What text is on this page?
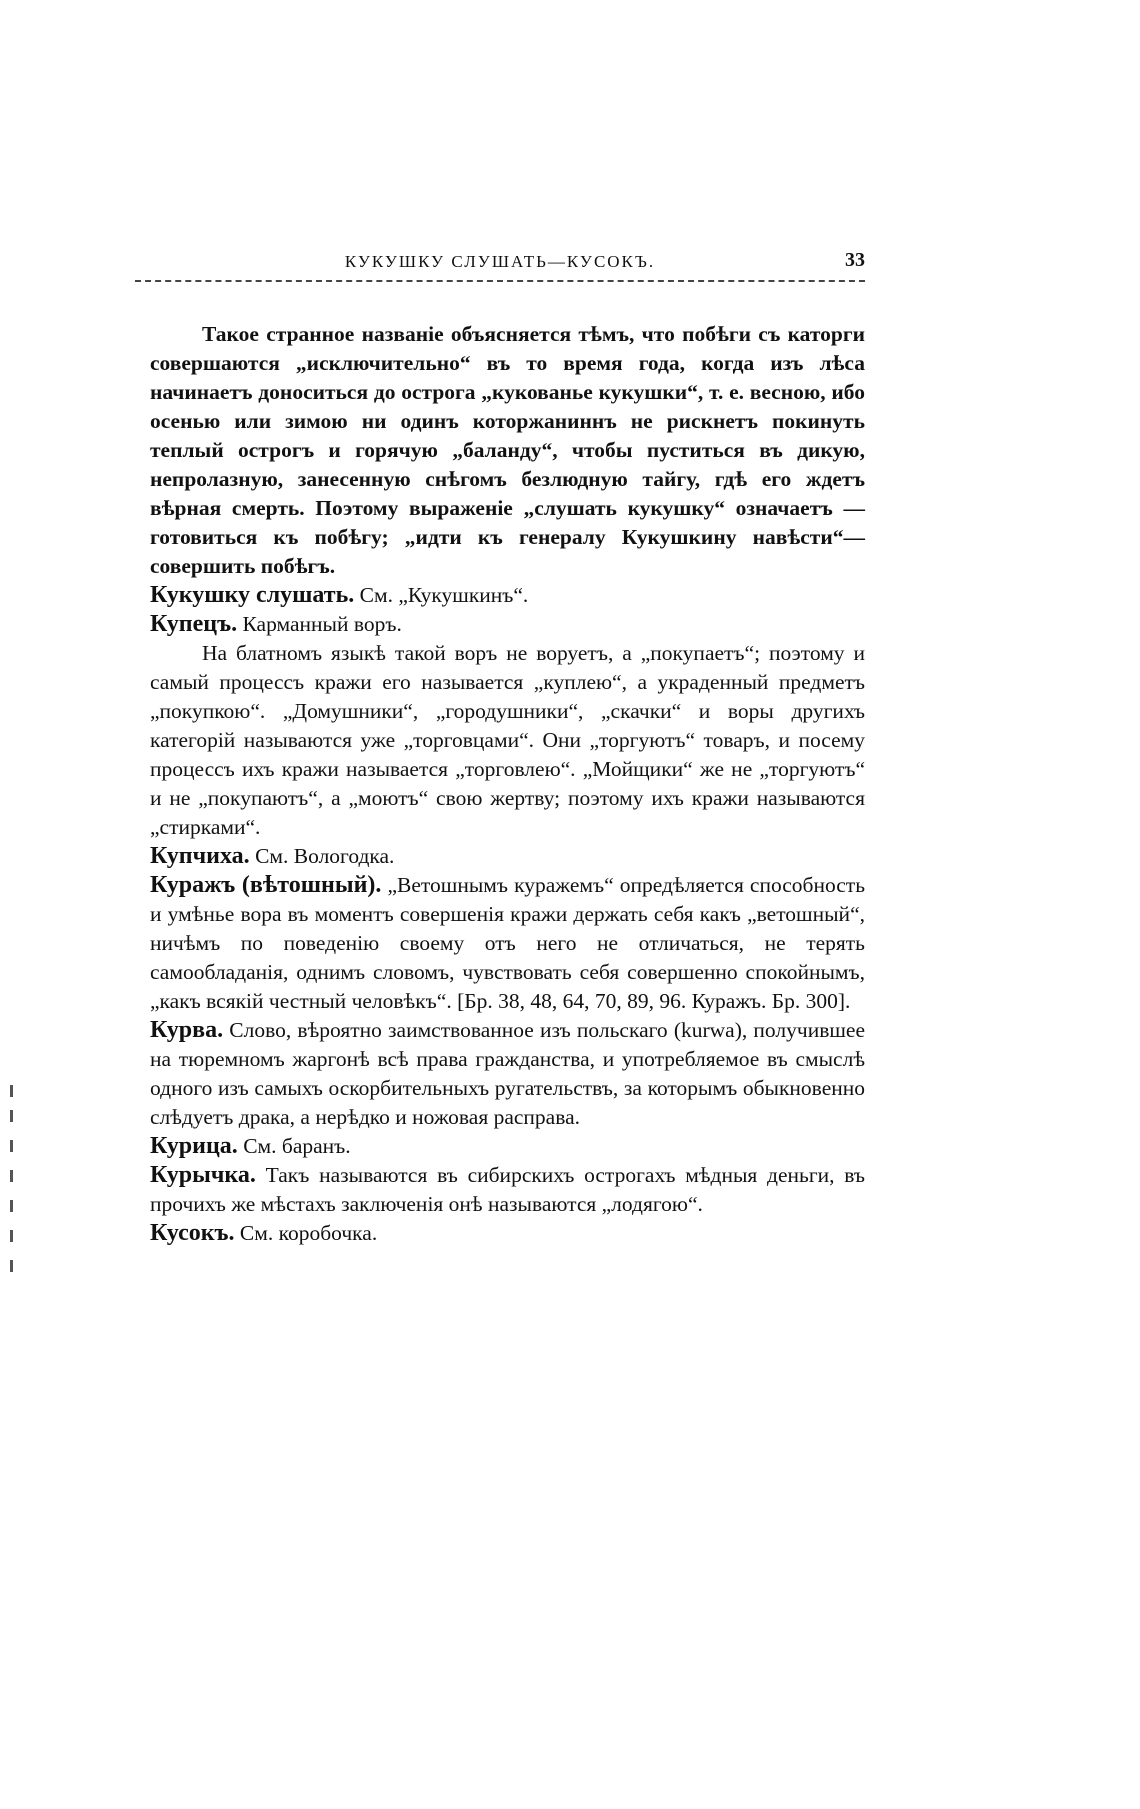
КУКУШКУ СЛУШАТЬ—КУСОКЪ.	33

Такое странное названіе объясняется тѣмъ, что побѣги съ каторги совершаются „исключительно“ въ то время года, когда изъ лѣса начинаетъ доноситься до острога „кукованье кукушки“, т. е. весною, ибо осенью или зимою ни одинъ которжаниннъ не рискнетъ покинуть теплый острогъ и горячую „баланду“, чтобы пуститься въ дикую, непролазную, занесенную снѣгомъ безлюдную тайгу, гдѣ его ждетъ вѣрная смерть. Поэтому выраженіе „слушать кукушку“ означаетъ — готовиться къ побѣгу; „идти къ генералу Кукушкину навѣсти“—совершить побѣгъ.

Кукушку слушать. См. „Кукушкинъ“.

Купецъ. Карманный воръ.

На блатномъ языкѣ такой воръ не воруетъ, а „покупаетъ“; поэтому и самый процессъ кражи его называется „куплею“, а украденный предметъ „покупкою“. „Домушники“, „городушники“, „скачки“ и воры другихъ категорій называются уже „торговцами“. Они „торгуютъ“ товаръ, и посему процессъ ихъ кражи называется „торговлею“. „Мойщики“ же не „торгуютъ“ и не „покупаютъ“, а „моютъ“ свою жертву; поэтому ихъ кражи называются „стирками“.

Купчиха. См. Вологодка.

Куражъ (вѣтошный). „Ветошнымъ куражемъ“ опредѣляется способность и умѣнье вора въ моментъ совершенія кражи держать себя какъ „ветошный“, ничѣмъ по поведенію своему отъ него не отличаться, не терять самообладанія, однимъ словомъ, чувствовать себя совершенно спокойнымъ, „какъ всякій честный человѣкъ“. [Бр. 38, 48, 64, 70, 89, 96. Куражъ. Бр. 300].

Курва. Слово, вѣроятно заимствованное изъ польскаго (kurwa), получившее на тюремномъ жаргонѣ всѣ права гражданства, и употребляемое въ смыслѣ одного изъ самыхъ оскорбительныхъ ругательствъ, за которымъ обыкновенно слѣдуетъ драка, а нерѣдко и ножовая расправа.

Курица. См. баранъ.

Курычка. Такъ называются въ сибирскихъ острогахъ мѣдныя деньги, въ прочихъ же мѣстахъ заключенія онѣ называются „лодягою“.

Кусокъ. См. коробочка.
